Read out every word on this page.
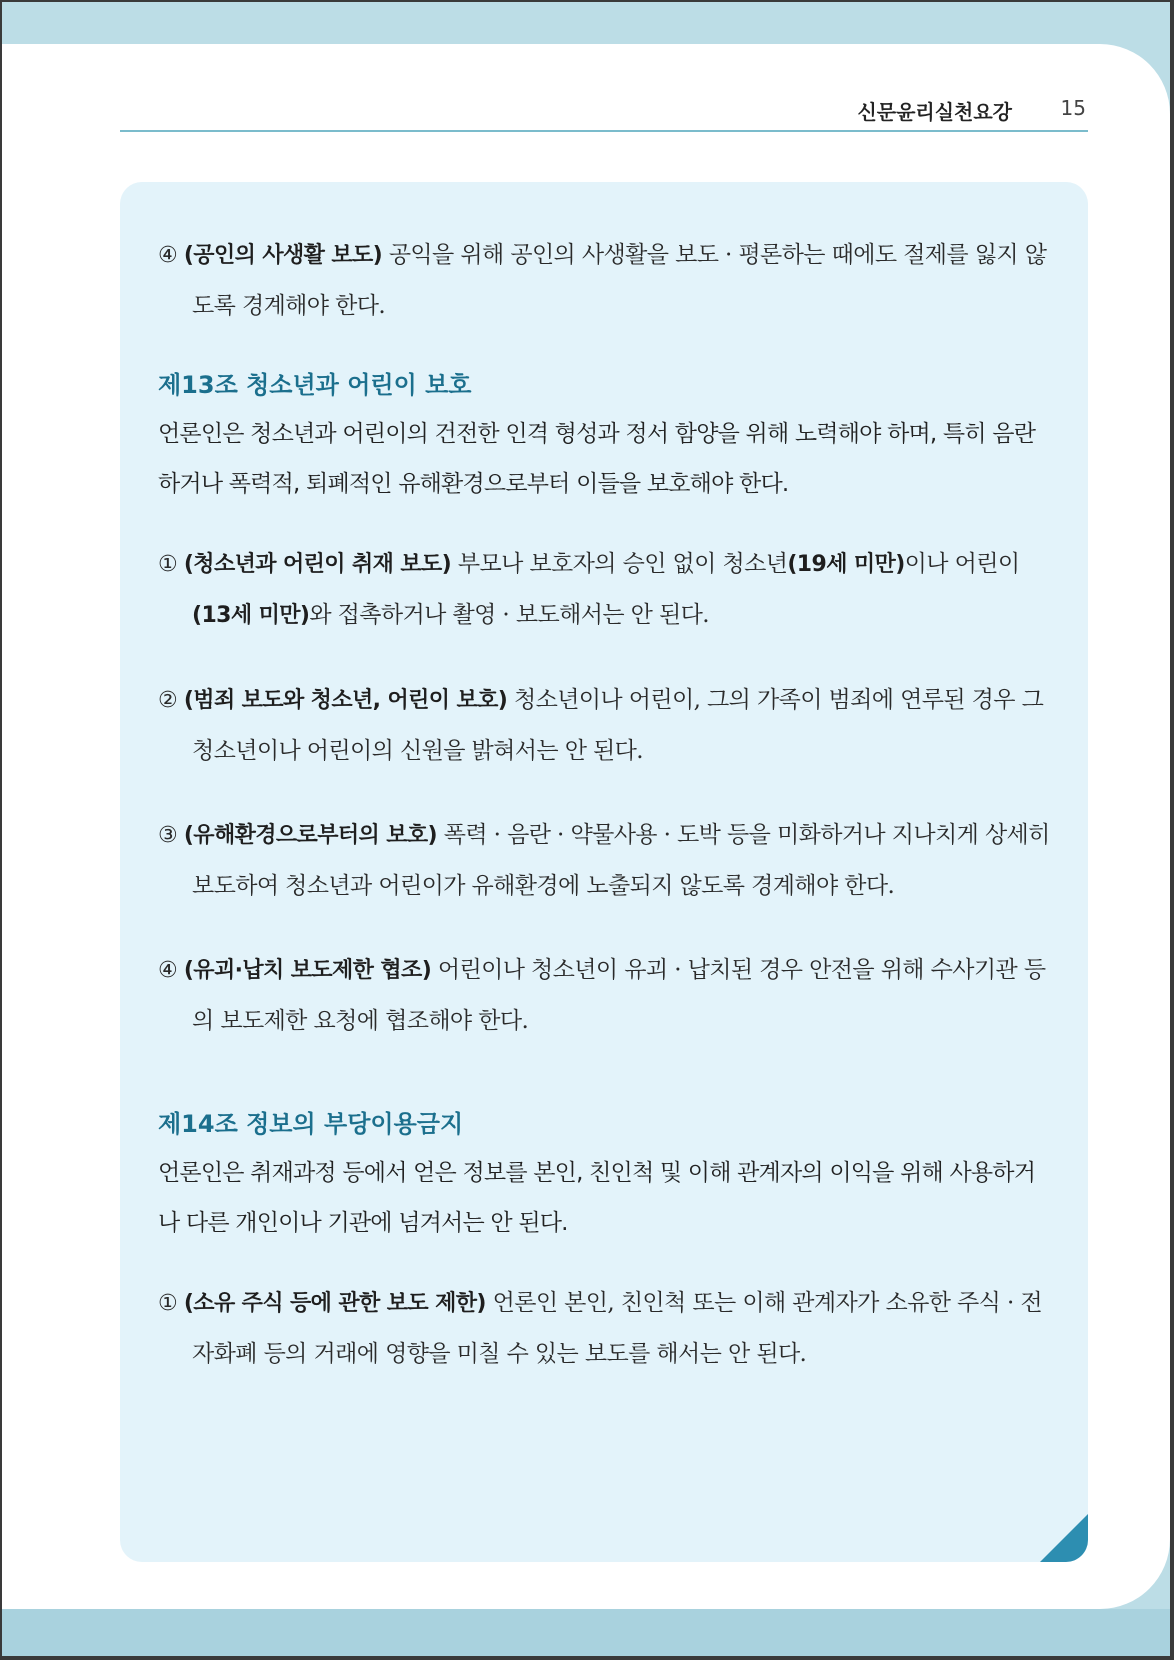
신문윤리실천요강 15

④ (공인의 사생활 보도) 공익을 위해 공인의 사생활을 보도 · 평론하는 때에도 절제를 잃지 않도록 경계해야 한다.

제13조 청소년과 어린이 보호

언론인은 청소년과 어린이의 건전한 인격 형성과 정서 함양을 위해 노력해야 하며, 특히 음란하거나 폭력적, 퇴폐적인 유해환경으로부터 이들을 보호해야 한다.

① (청소년과 어린이 취재 보도) 부모나 보호자의 승인 없이 청소년(19세 미만)이나 어린이(13세 미만)와 접촉하거나 촬영 · 보도해서는 안 된다.

② (범죄 보도와 청소년, 어린이 보호) 청소년이나 어린이, 그의 가족이 범죄에 연루된 경우 그 청소년이나 어린이의 신원을 밝혀서는 안 된다.

③ (유해환경으로부터의 보호) 폭력 · 음란 · 약물사용 · 도박 등을 미화하거나 지나치게 상세히 보도하여 청소년과 어린이가 유해환경에 노출되지 않도록 경계해야 한다.

④ (유괴·납치 보도제한 협조) 어린이나 청소년이 유괴 · 납치된 경우 안전을 위해 수사기관 등의 보도제한 요청에 협조해야 한다.

제14조 정보의 부당이용금지

언론인은 취재과정 등에서 얻은 정보를 본인, 친인척 및 이해 관계자의 이익을 위해 사용하거나 다른 개인이나 기관에 넘겨서는 안 된다.

① (소유 주식 등에 관한 보도 제한) 언론인 본인, 친인척 또는 이해 관계자가 소유한 주식 · 전자화폐 등의 거래에 영향을 미칠 수 있는 보도를 해서는 안 된다.
